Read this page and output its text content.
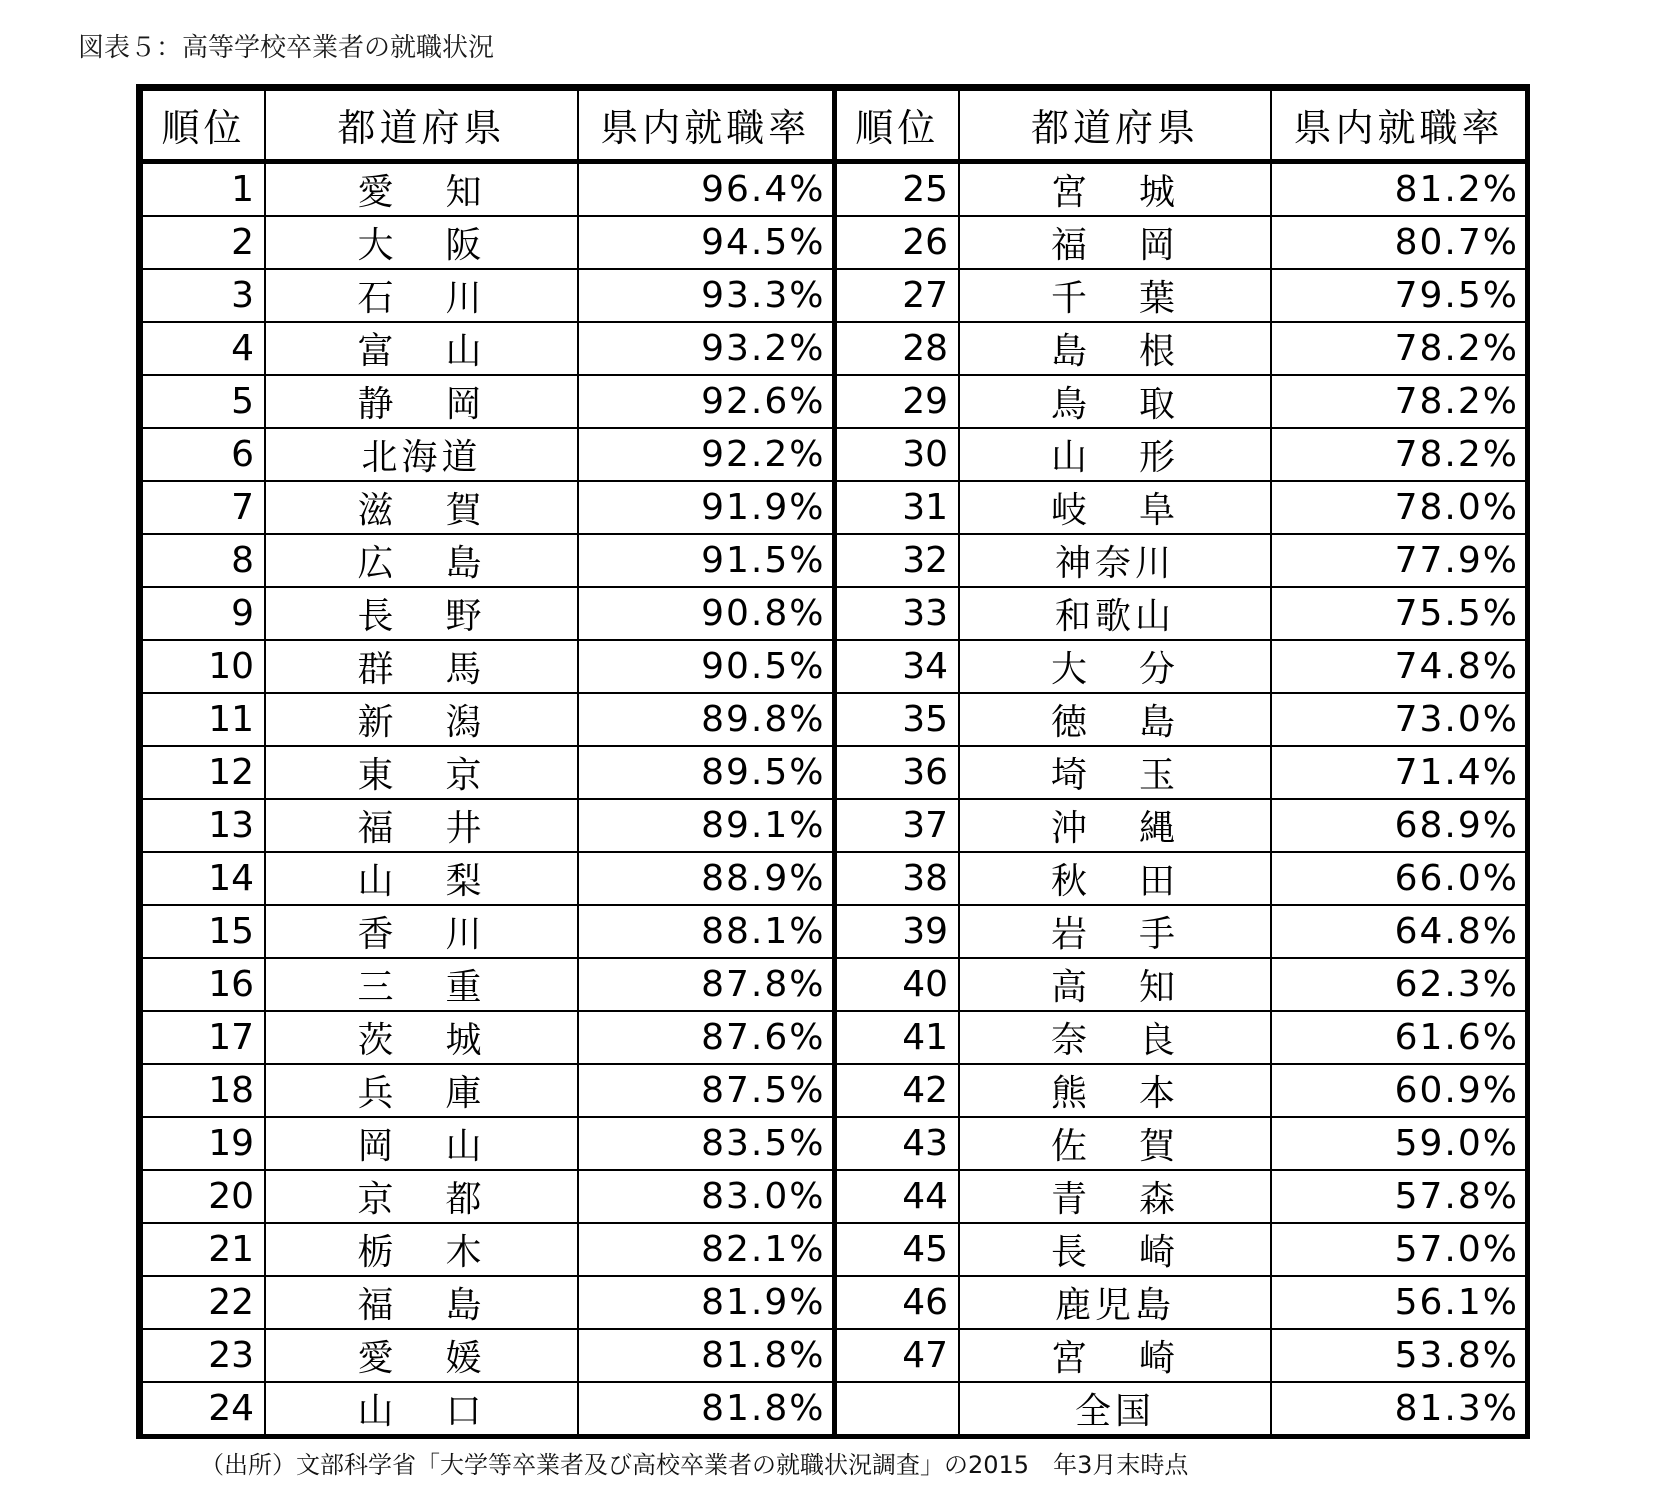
図表５：高等学校卒業者の就職状況
順位	都道府県	県内就職率	順位	都道府県	県内就職率
1	愛 知	96.4%	25	宮 城	81.2%
2	大 阪	94.5%	26	福 岡	80.7%
3	石 川	93.3%	27	千 葉	79.5%
4	富 山	93.2%	28	島 根	78.2%
5	静 岡	92.6%	29	鳥 取	78.2%
6	北海道	92.2%	30	山 形	78.2%
7	滋 賀	91.9%	31	岐 阜	78.0%
8	広 島	91.5%	32	神奈川	77.9%
9	長 野	90.8%	33	和歌山	75.5%
10	群 馬	90.5%	34	大 分	74.8%
11	新 潟	89.8%	35	徳 島	73.0%
12	東 京	89.5%	36	埼 玉	71.4%
13	福 井	89.1%	37	沖 縄	68.9%
14	山 梨	88.9%	38	秋 田	66.0%
15	香 川	88.1%	39	岩 手	64.8%
16	三 重	87.8%	40	高 知	62.3%
17	茨 城	87.6%	41	奈 良	61.6%
18	兵 庫	87.5%	42	熊 本	60.9%
19	岡 山	83.5%	43	佐 賀	59.0%
20	京 都	83.0%	44	青 森	57.8%
21	栃 木	82.1%	45	長 崎	57.0%
22	福 島	81.9%	46	鹿児島	56.1%
23	愛 媛	81.8%	47	宮 崎	53.8%
24	山 口	81.8%		全国	81.3%
（出所）文部科学省「大学等卒業者及び高校卒業者の就職状況調査」の2015　年3月末時点
